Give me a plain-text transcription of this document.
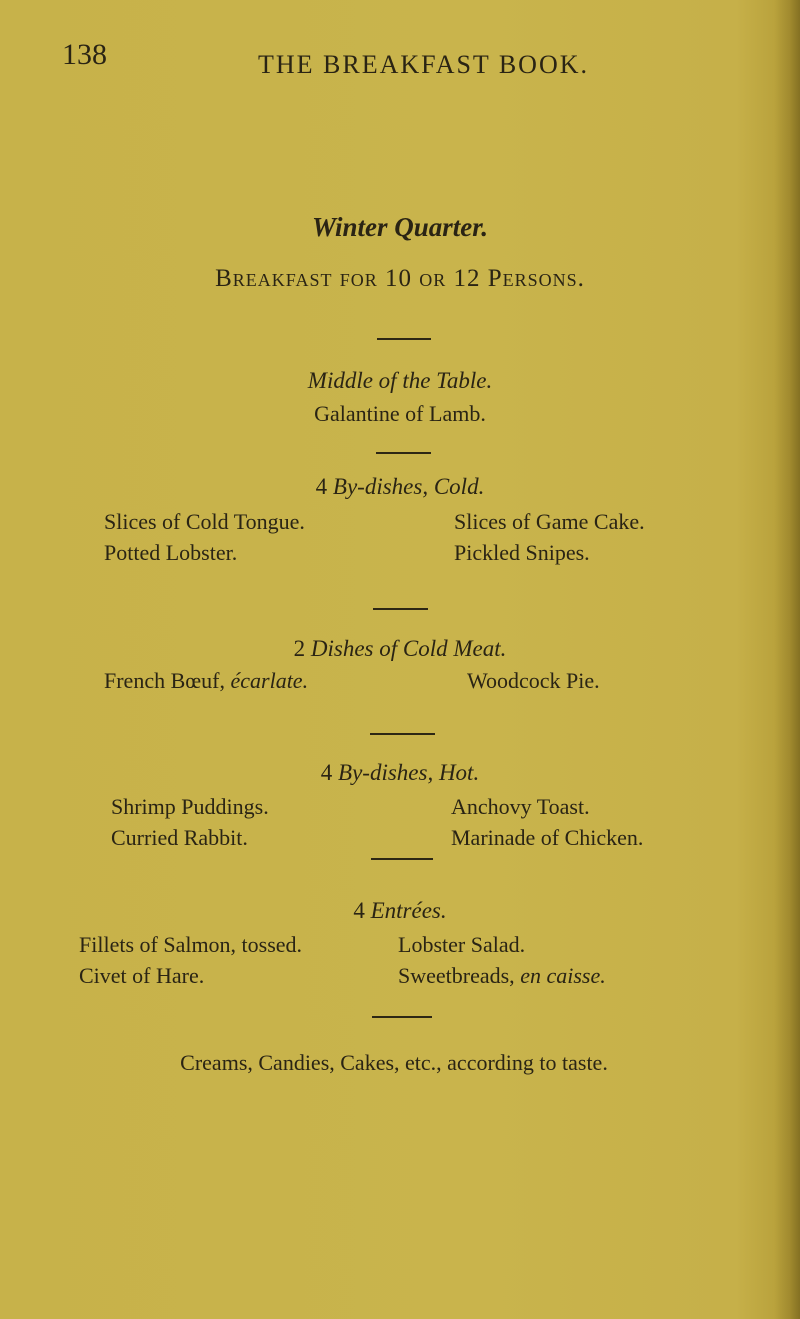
138	THE BREAKFAST BOOK.
Winter Quarter.
Breakfast for 10 or 12 Persons.
Middle of the Table.
Galantine of Lamb.
4 By-dishes, Cold.
Slices of Cold Tongue.
Potted Lobster.
Slices of Game Cake.
Pickled Snipes.
2 Dishes of Cold Meat.
French Bœuf, écarlate.	Woodcock Pie.
4 By-dishes, Hot.
Shrimp Puddings.
Curried Rabbit.
Anchovy Toast.
Marinade of Chicken.
4 Entrées.
Fillets of Salmon, tossed.
Civet of Hare.
Lobster Salad.
Sweetbreads, en caisse.
Creams, Candies, Cakes, etc., according to taste.
